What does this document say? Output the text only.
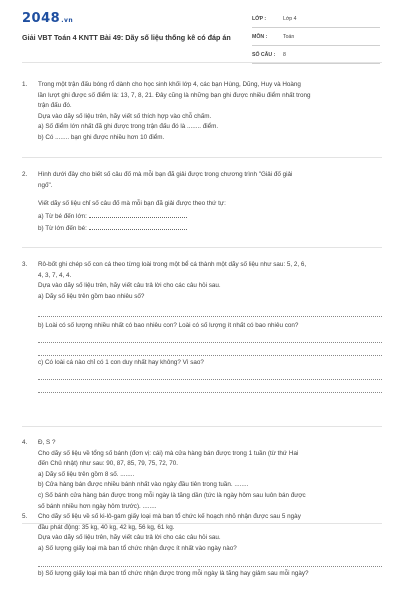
2048.vn
Giải VBT Toán 4 KNTT Bài 49: Dãy số liệu thống kê có đáp án
LỚP :	Lớp 4
MÔN :	Toán
SỐ CÂU : 8
1. Trong một trận đấu bóng rổ dành cho học sinh khối lớp 4, các bạn Hùng, Dũng, Huy và Hoàng
lần lượt ghi được số điểm là: 13, 7, 8, 21. Đây cũng là những bạn ghi được nhiều điểm nhất trong
trận đấu đó.
Dựa vào dãy số liệu trên, hãy viết số thích hợp vào chỗ chấm.
a) Số điểm lớn nhất đã ghi được trong trận đấu đó là ........ điểm.
b) Có ........ bạn ghi được nhiều hơn 10 điểm.
2. Hình dưới đây cho biết số câu đố mà mỗi bạn đã giải được trong chương trình "Giải đố giải
ngố".
Viết dãy số liệu chỉ số câu đố mà mỗi bạn đã giải được theo thứ tự:
a) Từ bé đến lớn:
b) Từ lớn đến bé:
3. Rô-bốt ghi chép số con cá theo từng loài trong một bể cá thành một dãy số liệu như sau: 5, 2, 6,
4, 3, 7, 4, 4.
Dựa vào dãy số liệu trên, hãy viết câu trả lời cho các câu hỏi sau.
a) Dãy số liệu trên gồm bao nhiêu số?
b) Loài có số lượng nhiều nhất có bao nhiêu con? Loài có số lượng ít nhất có bao nhiêu con?
c) Có loài cá nào chỉ có 1 con duy nhất hay không? Vì sao?
4. Đ, S ?
Cho dãy số liệu về tổng số bánh (đơn vị: cái) mà cửa hàng bán được trong 1 tuần (từ thứ Hai
đến Chủ nhật) như sau: 90, 87, 85, 79, 75, 72, 70.
a) Dãy số liệu trên gồm 8 số. ........
b) Cửa hàng bán được nhiều bánh nhất vào ngày đầu tiên trong tuần. ........
c) Số bánh cửa hàng bán được trong mỗi ngày là tăng dần (tức là ngày hôm sau luôn bán được
số bánh nhiều hơn ngày hôm trước). ........
5. Cho dãy số liệu về số ki-lô-gam giấy loại mà ban tổ chức kế hoạch nhỏ nhận được sau 5 ngày
đầu phát động: 35 kg, 40 kg, 42 kg, 56 kg, 61 kg.
Dựa vào dãy số liệu trên, hãy viết câu trả lời cho các câu hỏi sau.
a) Số lượng giấy loại mà ban tổ chức nhận được ít nhất vào ngày nào?
b) Số lượng giấy loại mà ban tổ chức nhận được trong mỗi ngày là tăng hay giảm sau mỗi ngày?
